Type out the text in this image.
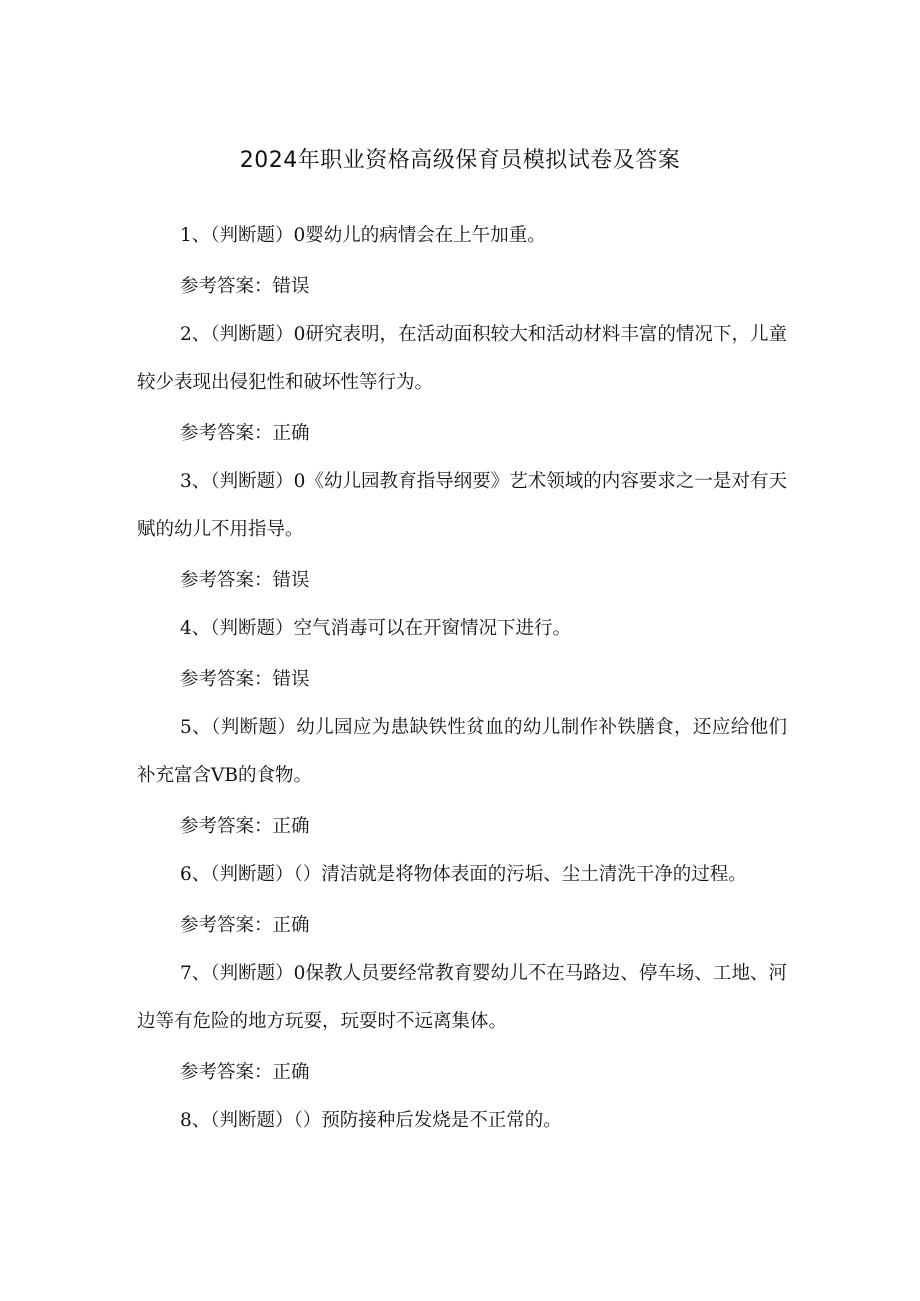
2024年职业资格高级保育员模拟试卷及答案

1、（判断题）0婴幼儿的病情会在上午加重。

参考答案：错误

2、（判断题）0研究表明，在活动面积较大和活动材料丰富的情况下，儿童较少表现出侵犯性和破坏性等行为。

参考答案：正确

3、（判断题）0《幼儿园教育指导纲要》艺术领域的内容要求之一是对有天赋的幼儿不用指导。

参考答案：错误

4、（判断题）空气消毒可以在开窗情况下进行。

参考答案：错误

5、（判断题）幼儿园应为患缺铁性贫血的幼儿制作补铁膳食，还应给他们补充富含VB的食物。

参考答案：正确

6、（判断题）（）清洁就是将物体表面的污垢、尘土清洗干净的过程。

参考答案：正确

7、（判断题）0保教人员要经常教育婴幼儿不在马路边、停车场、工地、河边等有危险的地方玩耍，玩耍时不远离集体。

参考答案：正确

8、（判断题）（）预防接种后发烧是不正常的。
